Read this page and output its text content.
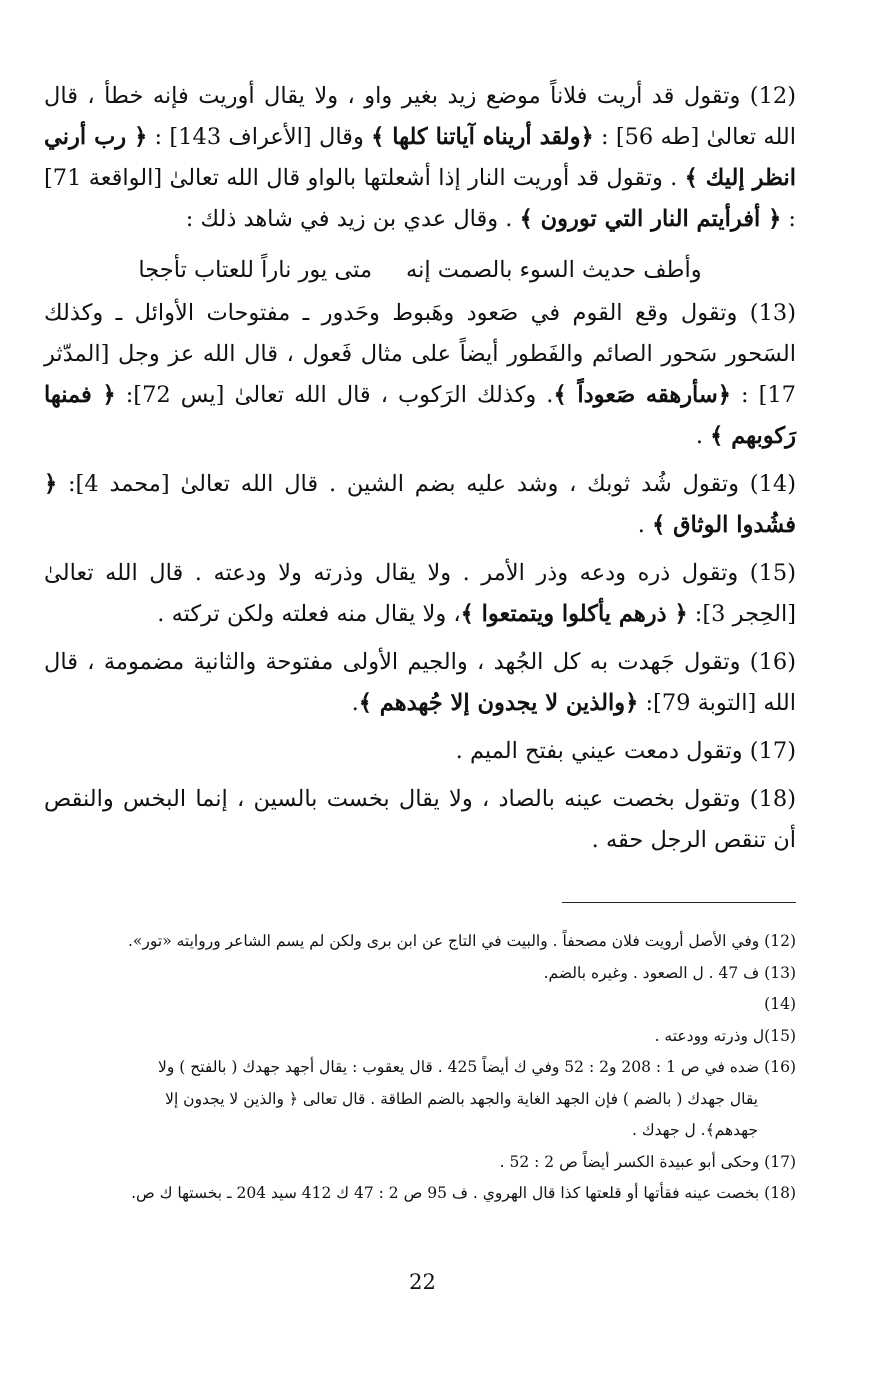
(12) وتقول قد أريت فلاناً موضع زيد بغير واو ، ولا يقال أوريت فإنه خطأ ، قال الله تعالىٰ [طه 56] : ﴿ولقد أريناه آياتنا كلها ﴾ وقال [الأعراف 143] : ﴿ رب أرني انظر إليك ﴾ . وتقول قد أوريت النار إذا أشعلتها بالواو قال الله تعالىٰ [الواقعة 71] : ﴿ أفرأيتم النار التي تورون ﴾ . وقال عدي بن زيد في شاهد ذلك :

وأطف حديث السوء بالصمت إنهمتى يور ناراً للعتاب تأججا

(13) وتقول وقع القوم في صَعود وهَبوط وحَدور ـ مفتوحات الأوائل ـ وكذلك السَحور سَحور الصائم والفَطور أيضاً على مثال فَعول ، قال الله عز وجل [المدّثر 17] : ﴿سأرهقه صَعوداً ﴾. وكذلك الرَكوب ، قال الله تعالىٰ [يس 72]: ﴿ فمنها رَكوبهم ﴾ .

(14) وتقول شُد ثوبك ، وشد عليه بضم الشين . قال الله تعالىٰ [محمد 4]: ﴿ فشُدوا الوثاق ﴾ .

(15) وتقول ذره ودعه وذر الأمر . ولا يقال وذرته ولا ودعته . قال الله تعالىٰ [الحِجر 3]: ﴿ ذرهم يأكلوا ويتمتعوا ﴾، ولا يقال منه فعلته ولكن تركته .

(16) وتقول جَهدت به كل الجُهد ، والجيم الأولى مفتوحة والثانية مضمومة ، قال الله [التوبة 79]: ﴿والذين لا يجدون إلا جُهدهم ﴾.

(17) وتقول دمعت عيني بفتح الميم .

(18) وتقول بخصت عينه بالصاد ، ولا يقال بخست بالسين ، إنما البخس والنقص أن تنقص الرجل حقه .

(12) وفي الأصل أرويت فلان مصحفاً . والبيت في التاج عن ابن برى ولكن لم يسم الشاعر وروايته «تور».

(13) ف 47 . ل الصعود . وغيره بالضم.

(14)

(15)ل وذرته وودعته .

(16) ضده في ص 1 : 208 و2 : 52 وفي ك أيضاً 425 . قال يعقوب : يقال أجهد جهدك ( بالفتح ) ولا

يقال جهدك ( بالضم ) فإن الجهد الغاية والجهد بالضم الطاقة . قال تعالى ﴿ والذين لا يجدون إلا

جهدهم﴾. ل جهدك .

(17) وحكى أبو عبيدة الكسر أيضاً ص 2 : 52 .

(18) بخصت عينه فقأتها أو قلعتها كذا قال الهروي . ف 95 ص 2 : 47 ك 412 سيد 204 ـ بخستها ك ص.

22
